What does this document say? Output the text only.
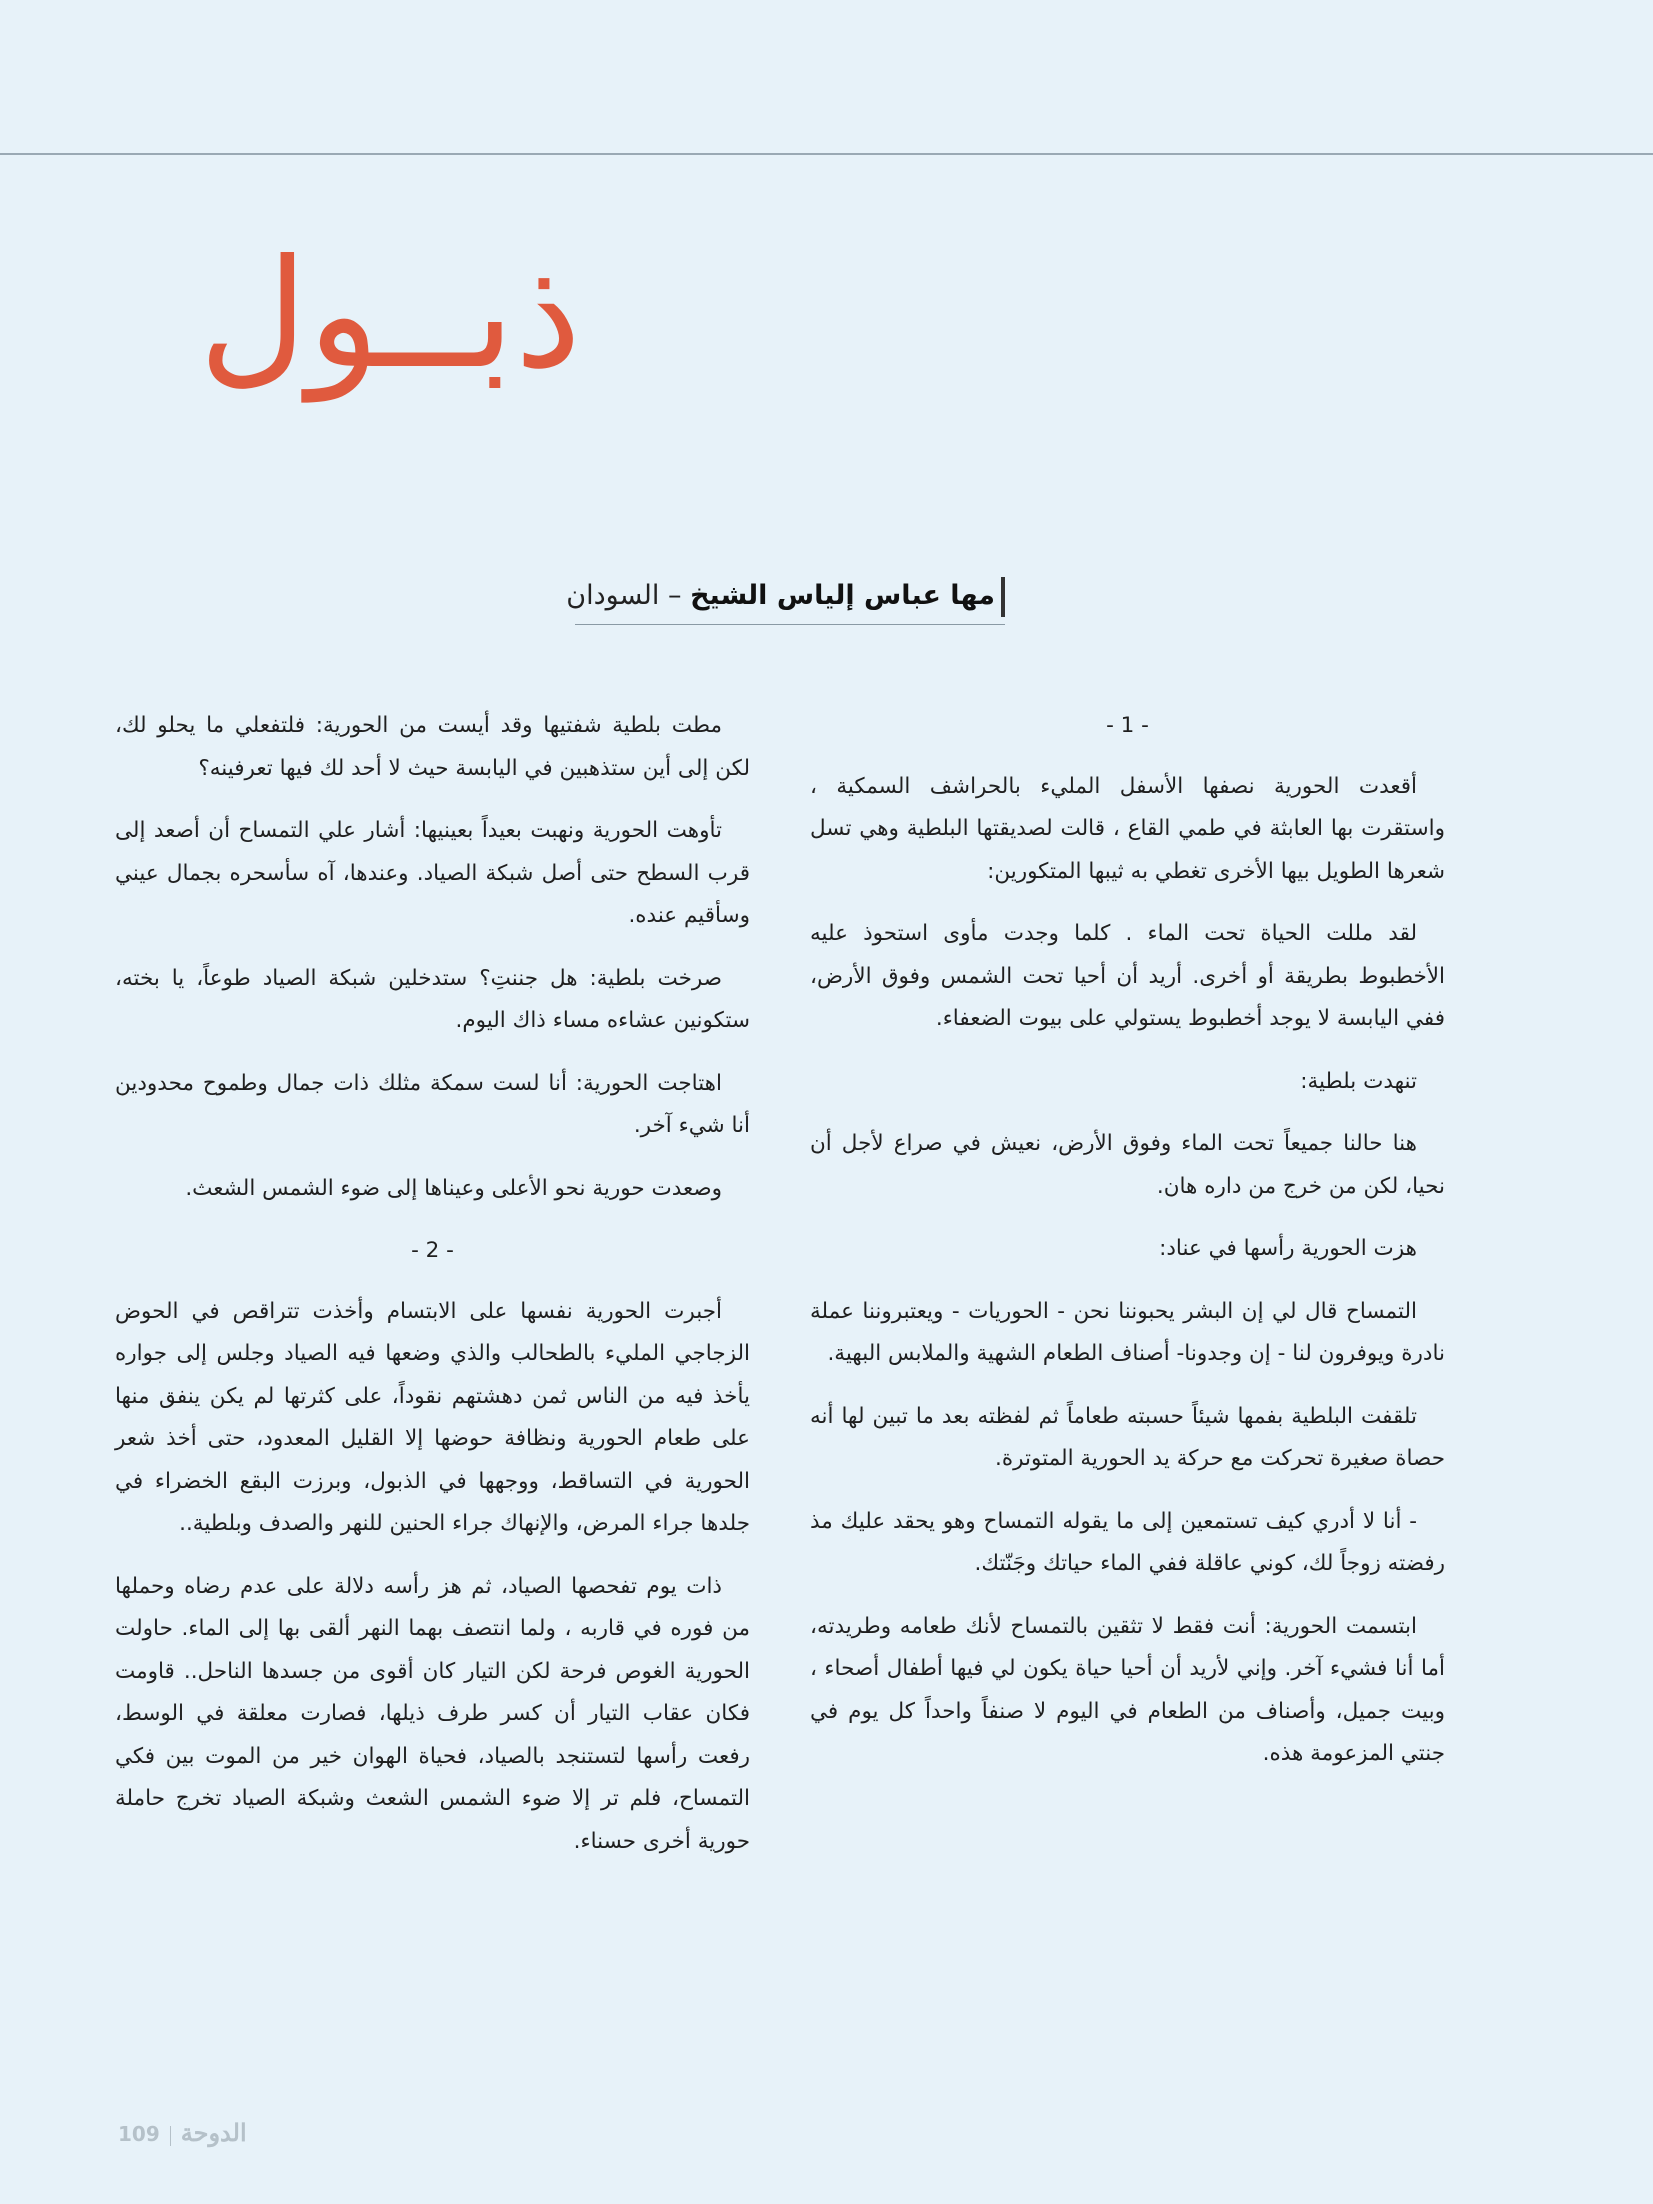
ذبــول
مها عباس إلياس الشيخ – السودان

- 1 -

أقعدت الحورية نصفها الأسفل المليء بالحراشف السمكية ، واستقرت بها العابثة في طمي القاع ، قالت لصديقتها البلطية وهي تسل شعرها الطويل بيها الأخرى تغطي به ثيبها المتكورين:

لقد مللت الحياة تحت الماء . كلما وجدت مأوى استحوذ عليه الأخطبوط بطريقة أو أخرى. أريد أن أحيا تحت الشمس وفوق الأرض، ففي اليابسة لا يوجد أخطبوط يستولي على بيوت الضعفاء.

تنهدت بلطية:

هنا حالنا جميعاً تحت الماء وفوق الأرض، نعيش في صراع لأجل أن نحيا، لكن من خرج من داره هان.

هزت الحورية رأسها في عناد:

التمساح قال لي إن البشر يحبوننا نحن - الحوريات - ويعتبروننا عملة نادرة ويوفرون لنا - إن وجدونا- أصناف الطعام الشهية والملابس البهية.

تلقفت البلطية بفمها شيئاً حسبته طعاماً ثم لفظته بعد ما تبين لها أنه حصاة صغيرة تحركت مع حركة يد الحورية المتوترة.

- أنا لا أدري كيف تستمعين إلى ما يقوله التمساح وهو يحقد عليك مذ رفضته زوجاً لك، كوني عاقلة ففي الماء حياتك وجَنّتك.

ابتسمت الحورية: أنت فقط لا تثقين بالتمساح لأنك طعامه وطريدته، أما أنا فشيء آخر. وإني لأريد أن أحيا حياة يكون لي فيها أطفال أصحاء ، وبيت جميل، وأصناف من الطعام في اليوم لا صنفاً واحداً كل يوم في جنتي المزعومة هذه.

مطت بلطية شفتيها وقد أيست من الحورية: فلتفعلي ما يحلو لك، لكن إلى أين ستذهبين في اليابسة حيث لا أحد لك فيها تعرفينه؟

تأوهت الحورية ونهبت بعيداً بعينيها: أشار علي التمساح أن أصعد إلى قرب السطح حتى أصل شبكة الصياد. وعندها، آه سأسحره بجمال عيني وسأقيم عنده.

صرخت بلطية: هل جننتِ؟ ستدخلين شبكة الصياد طوعاً، يا بخته، ستكونين عشاءه مساء ذاك اليوم.

اهتاجت الحورية: أنا لست سمكة مثلك ذات جمال وطموح محدودين أنا شيء آخر.

وصعدت حورية نحو الأعلى وعيناها إلى ضوء الشمس الشعث.

- 2 -

أجبرت الحورية نفسها على الابتسام وأخذت تتراقص في الحوض الزجاجي المليء بالطحالب والذي وضعها فيه الصياد وجلس إلى جواره يأخذ فيه من الناس ثمن دهشتهم نقوداً، على كثرتها لم يكن ينفق منها على طعام الحورية ونظافة حوضها إلا القليل المعدود، حتى أخذ شعر الحورية في التساقط، ووجهها في الذبول، وبرزت البقع الخضراء في جلدها جراء المرض، والإنهاك جراء الحنين للنهر والصدف وبلطية..

ذات يوم تفحصها الصياد، ثم هز رأسه دلالة على عدم رضاه وحملها من فوره في قاربه ، ولما انتصف بهما النهر ألقى بها إلى الماء. حاولت الحورية الغوص فرحة لكن التيار كان أقوى من جسدها الناحل.. قاومت فكان عقاب التيار أن كسر طرف ذيلها، فصارت معلقة في الوسط، رفعت رأسها لتستنجد بالصياد، فحياة الهوان خير من الموت بين فكي التمساح، فلم تر إلا ضوء الشمس الشعث وشبكة الصياد تخرج حاملة حورية أخرى حسناء.

109 الدوحة
